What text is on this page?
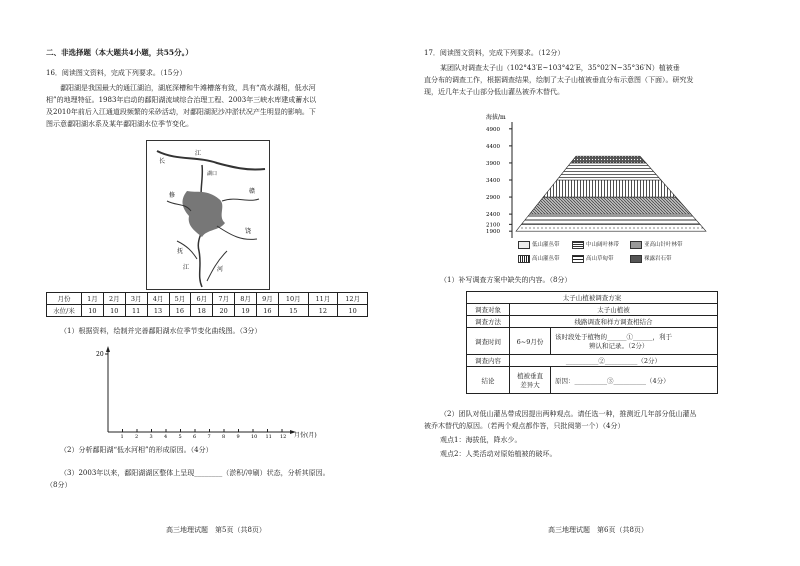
二、非选择题（本大题共4小题，共55分。）
16．阅读图文资料，完成下列要求。（15分）
鄱阳湖是我国最大的通江湖泊，湖底深槽和牛滩槽落有致，具有“高水湖相，低水河
相”的地理特征。1983年启动的鄱阳湖流域综合治理工程、2003年三峡水库建成蓄水以
及2010年前后入江通道段频繁的采砂活动，对鄱阳湖泥沙冲淤状况产生明显的影响。下
图示意鄱阳湖水系及某年鄱阳湖水位季节变化。
长
江
湖口
赣
饶
修
抚
江	河
月份	1月	2月	3月	4月	5月	6月	7月	8月	9月	10月	11月	12月
水位/米	10	10	11	13	16	18	20	19	16	15	12	10
（1）根据资料，绘制并完善鄱阳湖水位季节变化曲线图。（3分）
20
1 2 3 4 5 6 7 8 9 10 11 12 月份(月)
（2）分析鄱阳湖“低水河相”的形成原因。（4分）
（3）2003年以来，鄱阳湖湖区整体上呈现________（淤积/冲刷）状态，分析其原因。
（8分）
高三地理试题　第5页（共8页）
17．阅读图文资料，完成下列要求。（12分）
某团队对调查太子山（102°43′E~103°42′E，35°02′N~35°36′N）植被垂
直分布的调查工作，根据调查结果，绘制了太子山植被垂直分布示意图（下面）。研究发
现，近几年太子山部分低山灌丛被乔木替代。
海拔/m
4900
4400
3900
3400
2900
2400
2100
1900
低山灌丛带	中山阔叶林带	亚高山针叶林带
高山灌丛带	高山草甸带	裸露岩石带
（1）补写调查方案中缺失的内容。（8分）
太子山植被调查方案		
调查对象	太子山植被	
调查方法	线路调查和样方调查相结合	
调查时间	6~9月份	该时段处于植物的______①______，利于
辨认和记录。（2分）

调查内容	__________②__________（2分）	
结论	植被垂直
差异大	原因：__________③__________（4分）
（2）团队对低山灌丛带成因提出两种观点。请任选一种，推测近几年部分低山灌丛
被乔木替代的原因。（若两个观点都作答，只批阅第一个）（4分）
观点1：海拔低，降水少。
观点2：人类活动对原始植被的破坏。
高三地理试题　第6页（共8页）
